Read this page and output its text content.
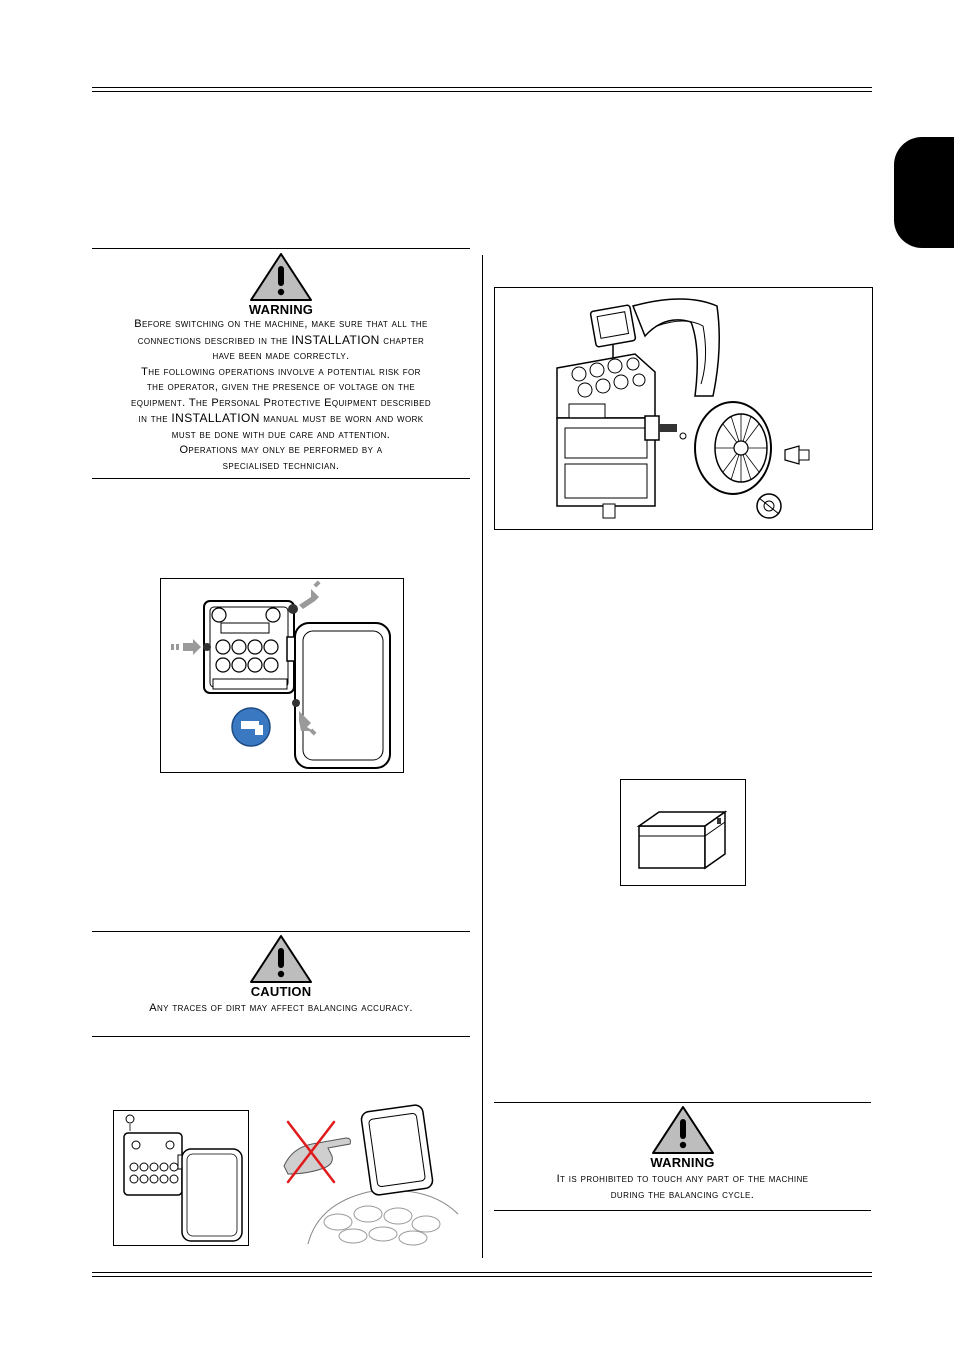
WARNING
Before switching on the machine, make sure that all the
connections described in the INSTALLATION chapter
have been made correctly.
The following operations involve a potential risk for
the operator, given the presence of voltage on the
equipment. The Personal Protective Equipment described
in the INSTALLATION manual must be worn and work
must be done with due care and attention.
Operations may only be performed by a
specialised technician.
CAUTION
Any traces of dirt may affect balancing accuracy.
WARNING
It is prohibited to touch any part of the machine
during the balancing cycle.
